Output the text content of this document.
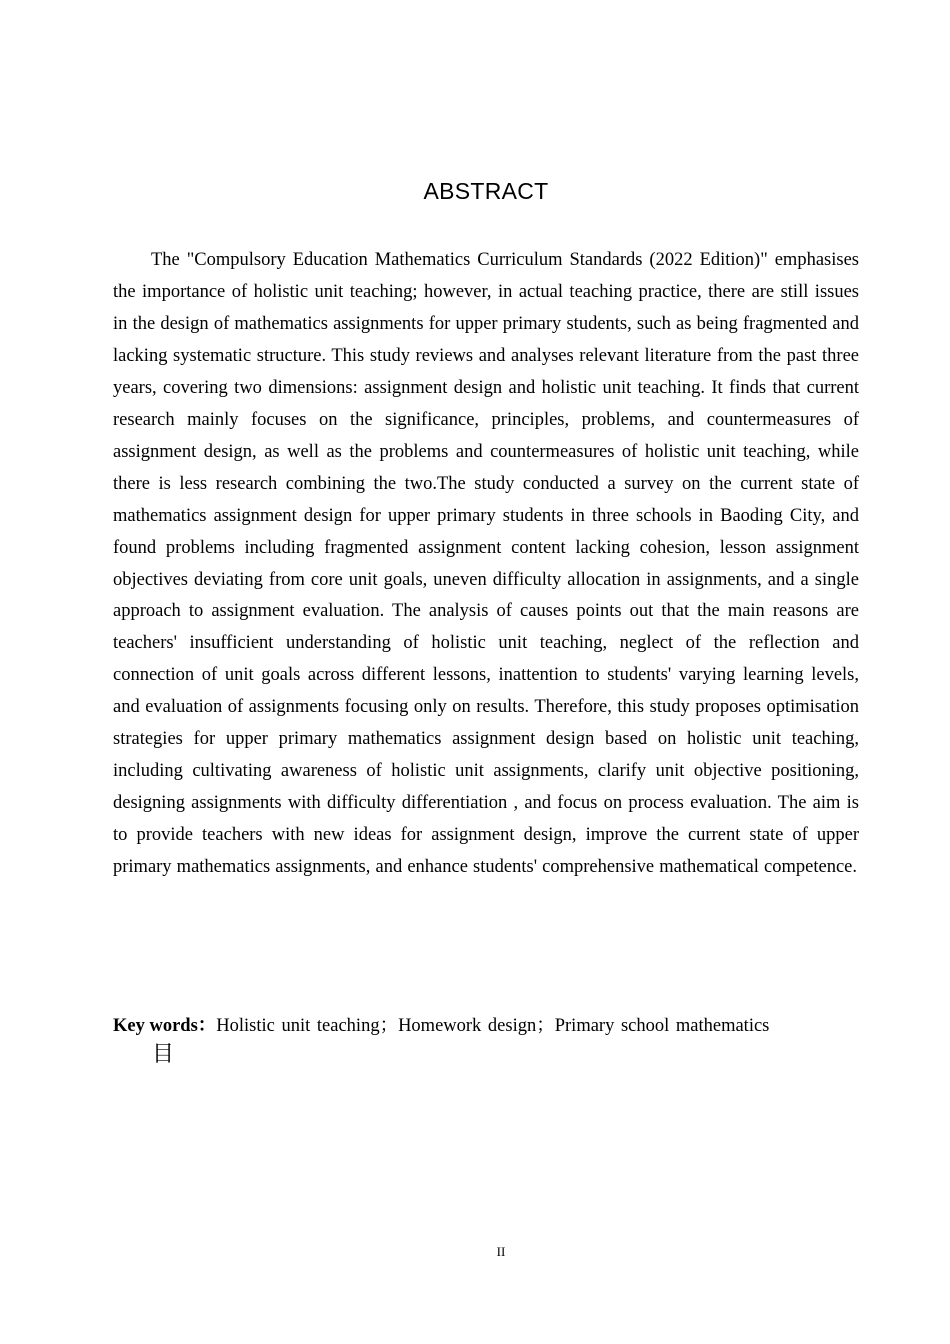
ABSTRACT
The "Compulsory Education Mathematics Curriculum Standards (2022 Edition)" emphasises the importance of holistic unit teaching; however, in actual teaching practice, there are still issues in the design of mathematics assignments for upper primary students, such as being fragmented and lacking systematic structure. This study reviews and analyses relevant literature from the past three years, covering two dimensions: assignment design and holistic unit teaching. It finds that current research mainly focuses on the significance, principles, problems, and countermeasures of assignment design, as well as the problems and countermeasures of holistic unit teaching, while there is less research combining the two.The study conducted a survey on the current state of mathematics assignment design for upper primary students in three schools in Baoding City, and found problems including fragmented assignment content lacking cohesion, lesson assignment objectives deviating from core unit goals, uneven difficulty allocation in assignments, and a single approach to assignment evaluation. The analysis of causes points out that the main reasons are teachers' insufficient understanding of holistic unit teaching, neglect of the reflection and connection of unit goals across different lessons, inattention to students' varying learning levels, and evaluation of assignments focusing only on results. Therefore, this study proposes optimisation strategies for upper primary mathematics assignment design based on holistic unit teaching, including cultivating awareness of holistic unit assignments, clarify unit objective positioning, designing assignments with difficulty differentiation , and focus on process evaluation. The aim is to provide teachers with new ideas for assignment design, improve the current state of upper primary mathematics assignments, and enhance students' comprehensive mathematical competence.
Key words：Holistic unit teaching；Homework design；Primary school mathematics
目
II
